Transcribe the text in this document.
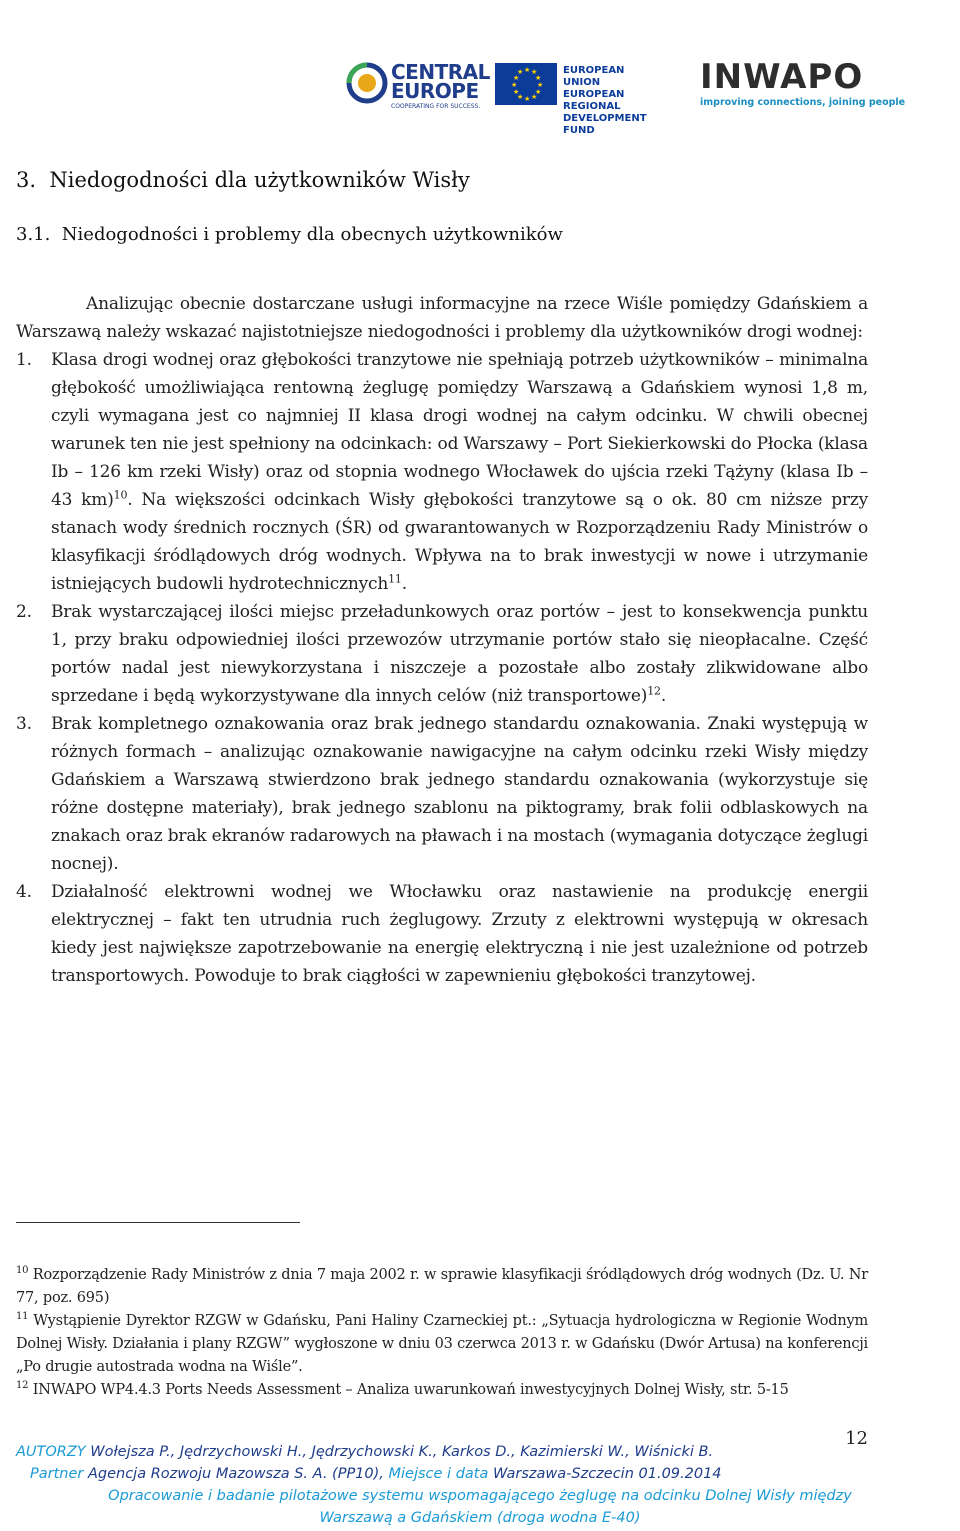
CENTRAL EUROPE
COOPERATING FOR SUCCESS.
★ ★
★
★
★
★
★
★
★
★
★
★	EUROPEAN UNION
EUROPEAN REGIONAL
DEVELOPMENT FUND
INWAPO
improving connections, joining people
3.  Niedogodności dla użytkowników Wisły
3.1.  Niedogodności i problemy dla obecnych użytkowników

Analizując obecnie dostarczane usługi informacyjne na rzece Wiśle pomiędzy Gdańskiem a Warszawą należy wskazać najistotniejsze niedogodności i problemy dla użytkowników drogi wodnej:

1. Klasa drogi wodnej oraz głębokości tranzytowe nie spełniają potrzeb użytkowników – minimalna głębokość umożliwiająca rentowną żeglugę pomiędzy Warszawą a Gdańskiem wynosi 1,8 m, czyli wymagana jest co najmniej II klasa drogi wodnej na całym odcinku. W chwili obecnej warunek ten nie jest spełniony na odcinkach: od Warszawy – Port Siekierkowski do Płocka (klasa Ib – 126 km rzeki Wisły) oraz od stopnia wodnego Włocławek do ujścia rzeki Tążyny (klasa Ib – 43 km)$^{10}$. Na większości odcinkach Wisły głębokości tranzytowe są o ok. 80 cm niższe przy stanach wody średnich rocznych (ŚR) od gwarantowanych w Rozporządzeniu Rady Ministrów o klasyfikacji śródlądowych dróg wodnych. Wpływa na to brak inwestycji w nowe i utrzymanie istniejących budowli hydrotechnicznych$^{11}$.

2. Brak wystarczającej ilości miejsc przeładunkowych oraz portów – jest to konsekwencja punktu 1, przy braku odpowiedniej ilości przewozów utrzymanie portów stało się nieopłacalne. Część portów nadal jest niewykorzystana i niszczeje a pozostałe albo zostały zlikwidowane albo sprzedane i będą wykorzystywane dla innych celów (niż transportowe)$^{12}$.

3. Brak kompletnego oznakowania oraz brak jednego standardu oznakowania. Znaki występują w różnych formach – analizując oznakowanie nawigacyjne na całym odcinku rzeki Wisły między Gdańskiem a Warszawą stwierdzono brak jednego standardu oznakowania (wykorzystuje się różne dostępne materiały), brak jednego szablonu na piktogramy, brak folii odblaskowych na znakach oraz brak ekranów radarowych na pławach i na mostach (wymagania dotyczące żeglugi nocnej).

4. Działalność elektrowni wodnej we Włocławku oraz nastawienie na produkcję energii elektrycznej – fakt ten utrudnia ruch żeglugowy. Zrzuty z elektrowni występują w okresach kiedy jest największe zapotrzebowanie na energię elektryczną i nie jest uzależnione od potrzeb transportowych. Powoduje to brak ciągłości w zapewnieniu głębokości tranzytowej.

$^{10}$ Rozporządzenie Rady Ministrów z dnia 7 maja 2002 r. w sprawie klasyfikacji śródlądowych dróg wodnych (Dz. U. Nr 77, poz. 695)

$^{11}$ Wystąpienie Dyrektor RZGW w Gdańsku, Pani Haliny Czarneckiej pt.: „Sytuacja hydrologiczna w Regionie Wodnym Dolnej Wisły. Działania i plany RZGW” wygłoszone w dniu 03 czerwca 2013 r. w Gdańsku (Dwór Artusa) na konferencji „Po drugie autostrada wodna na Wiśle”.

$^{12}$ INWAPO WP4.4.3 Ports Needs Assessment – Analiza uwarunkowań inwestycyjnych Dolnej Wisły, str. 5-15

12
AUTORZY Wołejsza P., Jędrzychowski H., Jędrzychowski K., Karkos D., Kazimierski W., Wiśnicki B.
Partner Agencja Rozwoju Mazowsza S. A. (PP10), Miejsce i data Warszawa-Szczecin 01.09.2014
Opracowanie i badanie pilotażowe systemu wspomagającego żeglugę na odcinku Dolnej Wisły między
Warszawą a Gdańskiem (droga wodna E-40)
